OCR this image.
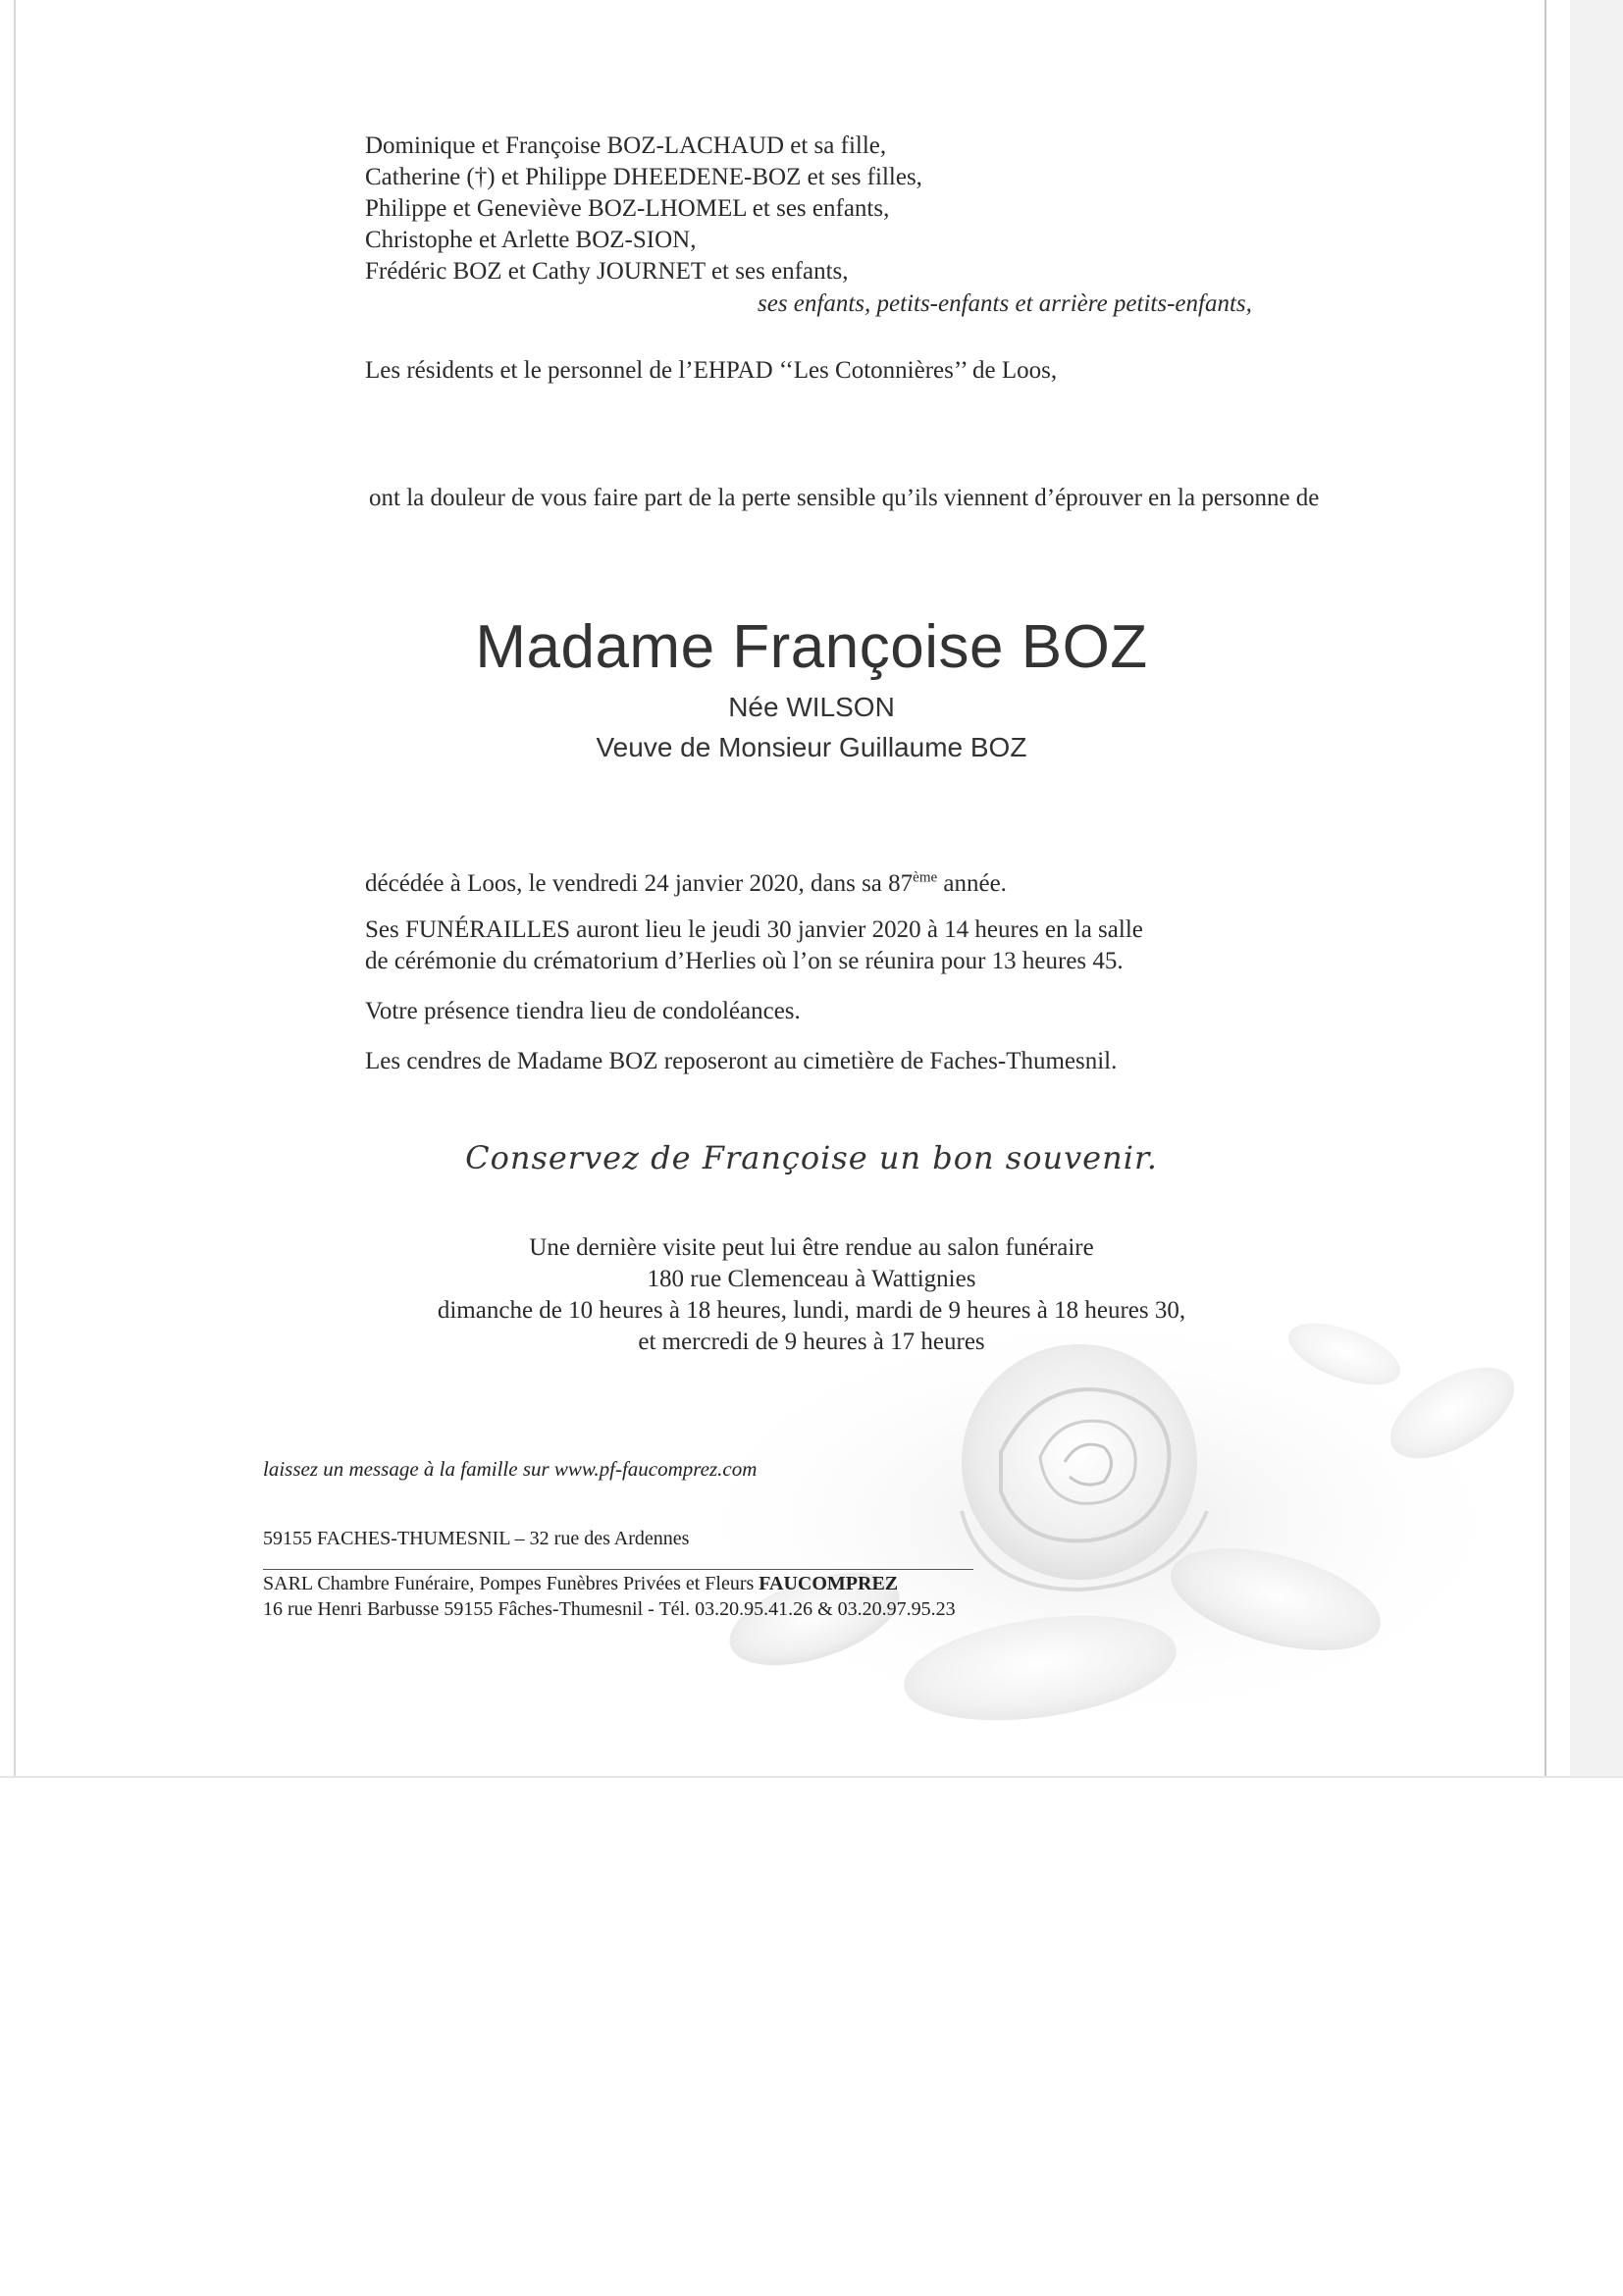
Dominique et Françoise BOZ-LACHAUD et sa fille,
Catherine (†) et Philippe DHEEDENE-BOZ et ses filles,
Philippe et Geneviève BOZ-LHOMEL et ses enfants,
Christophe et Arlette BOZ-SION,
Frédéric BOZ et Cathy JOURNET et ses enfants,
ses enfants, petits-enfants et arrière petits-enfants,
Les résidents et le personnel de l’EHPAD ‘‘Les Cotonnières’’ de Loos,
ont la douleur de vous faire part de la perte sensible qu’ils viennent d’éprouver en la personne de
Madame Françoise BOZ
Née WILSON
Veuve de Monsieur Guillaume BOZ
décédée à Loos, le vendredi 24 janvier 2020, dans sa 87ème année.
Ses FUNÉRAILLES auront lieu le jeudi 30 janvier 2020 à 14 heures en la salle
de cérémonie du crématorium d’Herlies où l’on se réunira pour 13 heures 45.
Votre présence tiendra lieu de condoléances.
Les cendres de Madame BOZ reposeront au cimetière de Faches-Thumesnil.
Conservez de Françoise un bon souvenir.
Une dernière visite peut lui être rendue au salon funéraire
180 rue Clemenceau à Wattignies
dimanche de 10 heures à 18 heures, lundi, mardi de 9 heures à 18 heures 30,
et mercredi de 9 heures à 17 heures
laissez un message à la famille sur www.pf-faucomprez.com
59155 FACHES-THUMESNIL – 32 rue des Ardennes
SARL Chambre Funéraire, Pompes Funèbres Privées et Fleurs FAUCOMPREZ
16 rue Henri Barbusse 59155 Fâches-Thumesnil - Tél. 03.20.95.41.26 & 03.20.97.95.23
